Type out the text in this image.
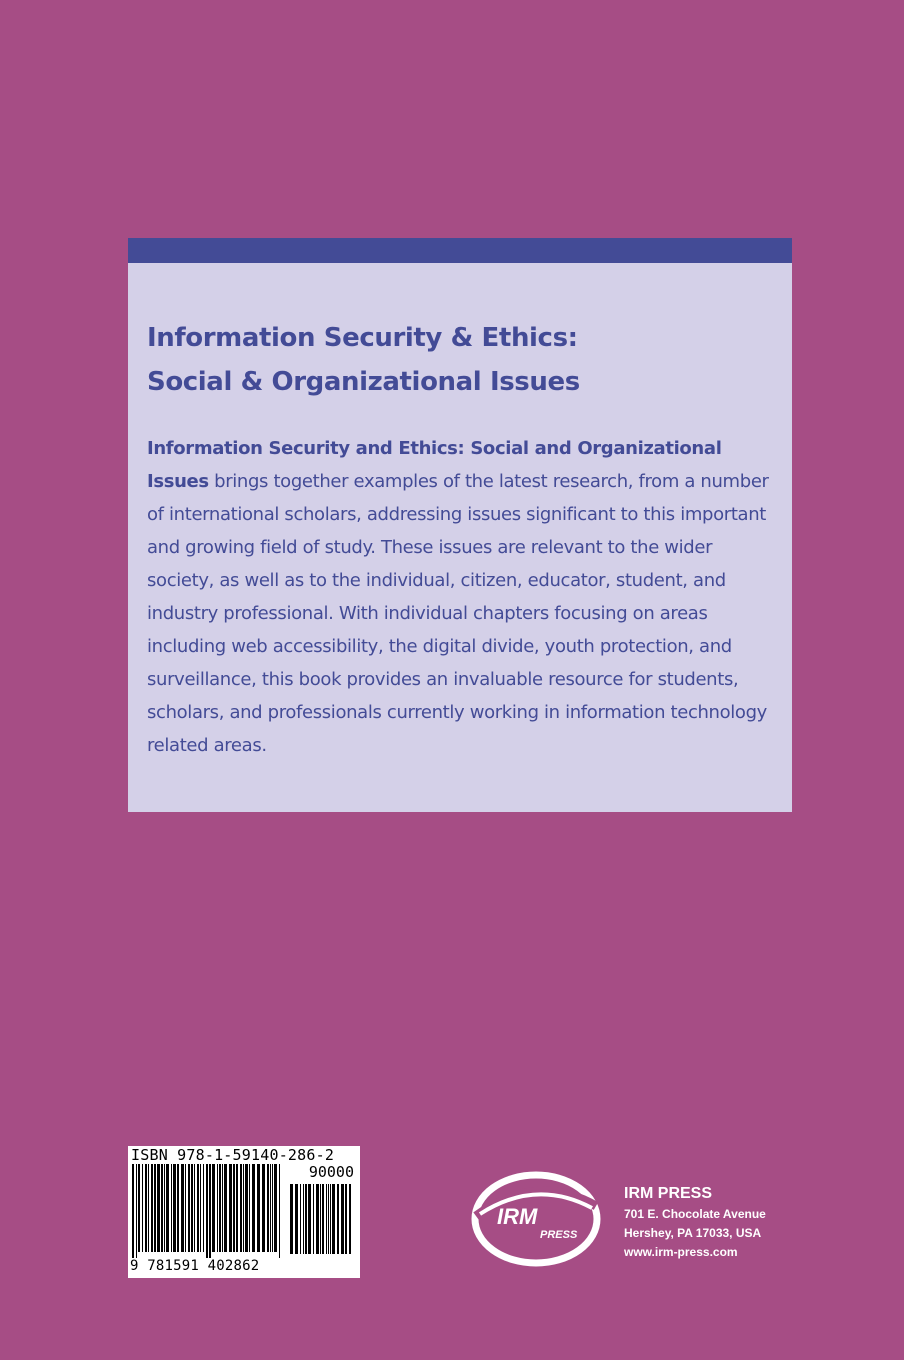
Information Security & Ethics:
Social & Organizational Issues

Information Security and Ethics: Social and Organizational Issues brings together examples of the latest research, from a number of international scholars, addressing issues significant to this important and growing field of study. These issues are relevant to the wider society, as well as to the individual, citizen, educator, student, and industry professional. With individual chapters focusing on areas including web accessibility, the digital divide, youth protection, and surveillance, this book provides an invaluable resource for students, scholars, and professionals currently working in information technology related areas.

ISBN 978-1-59140-286-2
90000
9 781591 402862
IRM
PRESS
IRM PRESS
701 E. Chocolate Avenue
Hershey, PA 17033, USA
www.irm-press.com
